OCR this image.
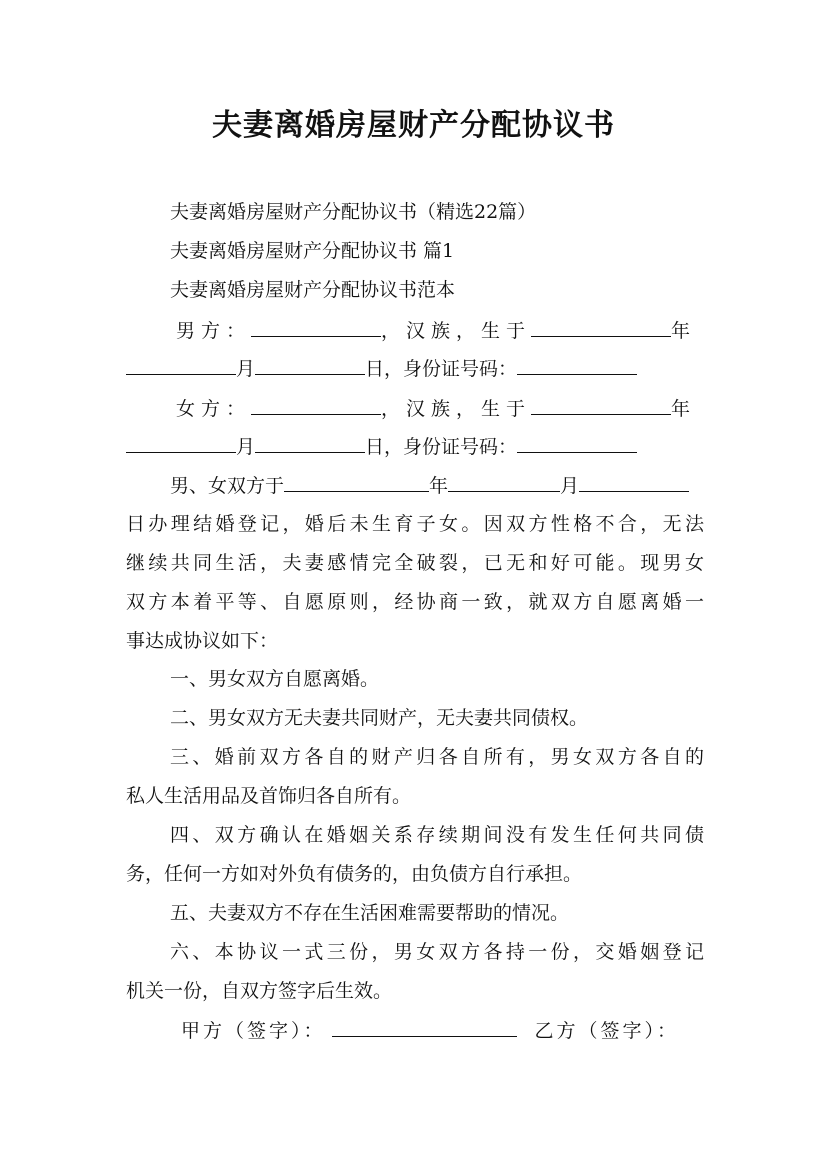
夫妻离婚房屋财产分配协议书
夫妻离婚房屋财产分配协议书（精选22篇）
夫妻离婚房屋财产分配协议书 篇1
夫妻离婚房屋财产分配协议书范本
男方：	，汉族，生于	年
月	日，身份证号码：
女方：	，汉族，生于	年
月	日，身份证号码：
男、女双方于	年	月
日办理结婚登记，婚后未生育子女。因双方性格不合，无法
继续共同生活，夫妻感情完全破裂，已无和好可能。现男女
双方本着平等、自愿原则，经协商一致，就双方自愿离婚一
事达成协议如下：
一、男女双方自愿离婚。
二、男女双方无夫妻共同财产，无夫妻共同债权。
三、婚前双方各自的财产归各自所有，男女双方各自的
私人生活用品及首饰归各自所有。
四、双方确认在婚姻关系存续期间没有发生任何共同债
务，任何一方如对外负有债务的，由负债方自行承担。
五、夫妻双方不存在生活困难需要帮助的情况。
六、本协议一式三份，男女双方各持一份，交婚姻登记
机关一份，自双方签字后生效。
甲方（签字）：	乙方（签字）：
